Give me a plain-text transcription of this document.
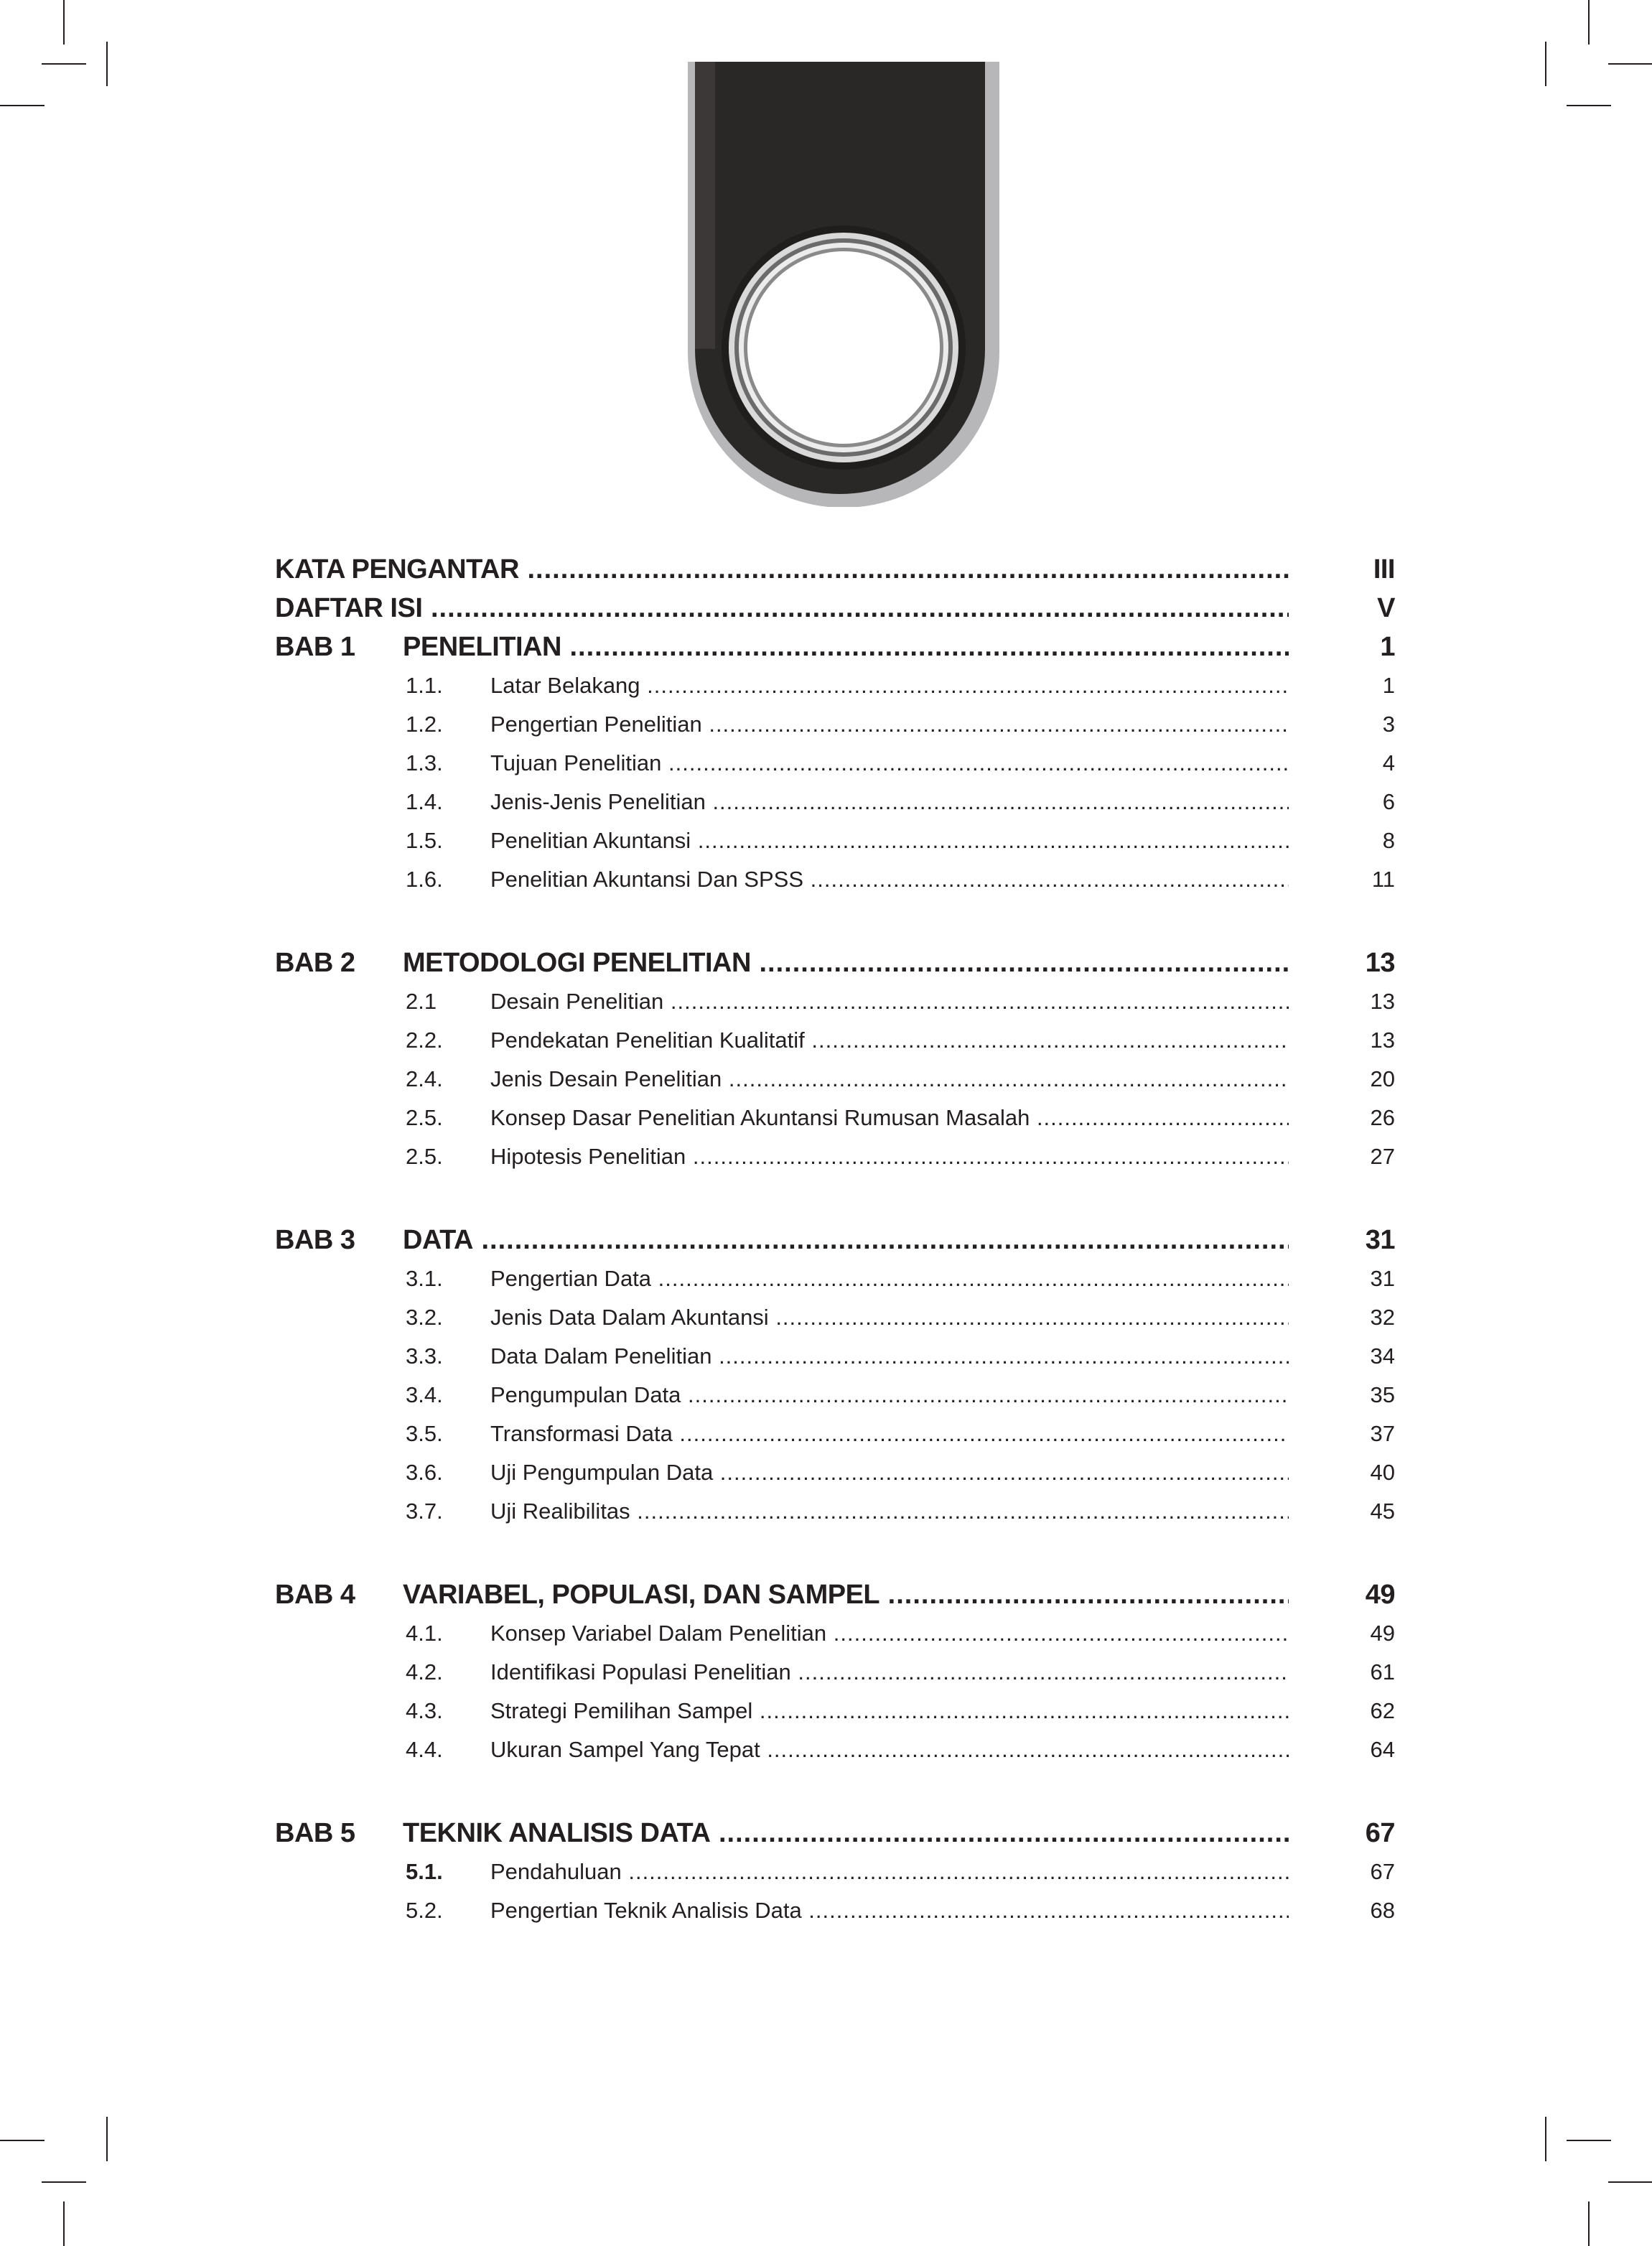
KATA PENGANTAR .....	III
DAFTAR ISI .....	V
BAB 1	PENELITIAN .....	1
1.1.	Latar Belakang .....	1
1.2.	Pengertian Penelitian .....	3
1.3.	Tujuan Penelitian .....	4
1.4.	Jenis-Jenis Penelitian .....	6
1.5.	Penelitian Akuntansi .....	8
1.6.	Penelitian Akuntansi Dan SPSS .....	11
BAB 2	METODOLOGI PENELITIAN .....	13
2.1	Desain Penelitian .....	13
2.2.	Pendekatan Penelitian Kualitatif .....	13
2.4.	Jenis Desain Penelitian .....	20
2.5.	Konsep Dasar Penelitian Akuntansi Rumusan Masalah .....	26
2.5.	Hipotesis Penelitian .....	27
BAB 3	DATA .....	31
3.1.	Pengertian Data .....	31
3.2.	Jenis Data Dalam Akuntansi .....	32
3.3.	Data Dalam Penelitian .....	34
3.4.	Pengumpulan Data .....	35
3.5.	Transformasi Data .....	37
3.6.	Uji Pengumpulan Data .....	40
3.7.	Uji Realibilitas .....	45
BAB 4	VARIABEL, POPULASI, DAN SAMPEL .....	49
4.1.	Konsep Variabel Dalam Penelitian .....	49
4.2.	Identifikasi Populasi Penelitian .....	61
4.3.	Strategi Pemilihan Sampel .....	62
4.4.	Ukuran Sampel Yang Tepat .....	64
BAB 5	TEKNIK ANALISIS DATA .....	67
5.1.	Pendahuluan .....	67
5.2.	Pengertian Teknik Analisis Data .....	68
